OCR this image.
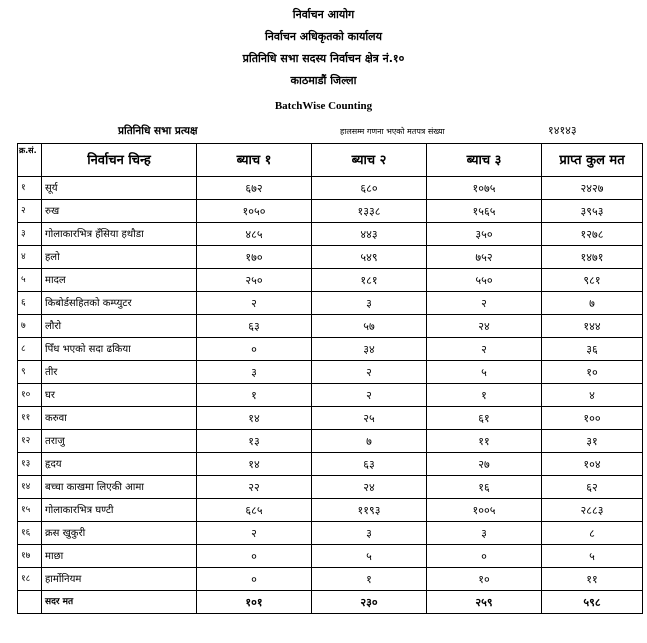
निर्वाचन आयोग
निर्वाचन अधिकृतको कार्यालय
प्रतिनिधि सभा सदस्य निर्वाचन क्षेत्र नं.१०
काठमाडौं जिल्ला
BatchWise Counting
प्रतिनिधि सभा प्रत्यक्ष	हालसम्म गणना भएको मतपत्र संख्या	१४१४३
क्र.सं.	निर्वाचन चिन्ह	ब्याच १	ब्याच २	ब्याच ३	प्राप्त कुल मत
१	सूर्य	६७२	६८०	१०७५	२४२७
२	रुख	१०५०	१३३८	१५६५	३९५३
३	गोलाकारभित्र हँसिया हथौडा	४८५	४४३	३५०	१२७८
४	हलो	१७०	५४९	७५२	१४७१
५	मादल	२५०	१८१	५५०	९८१
६	किबोर्डसहितको कम्प्युटर	२	३	२	७
७	लौरो	६३	५७	२४	१४४
८	पिँध भएको सदा ढकिया	०	३४	२	३६
९	तीर	३	२	५	१०
१०	घर	१	२	१	४
११	करुवा	१४	२५	६१	१००
१२	तराजु	१३	७	११	३१
१३	हृदय	१४	६३	२७	१०४
१४	बच्चा काखमा लिएकी आमा	२२	२४	१६	६२
१५	गोलाकारभित्र घण्टी	६८५	११९३	१००५	२८८३
१६	क्रस खुकुरी	२	३	३	८
१७	माछा	०	५	०	५
१८	हार्मोनियम	०	१	१०	११
	सदर मत	१०१	२३०	२५९	५९८
